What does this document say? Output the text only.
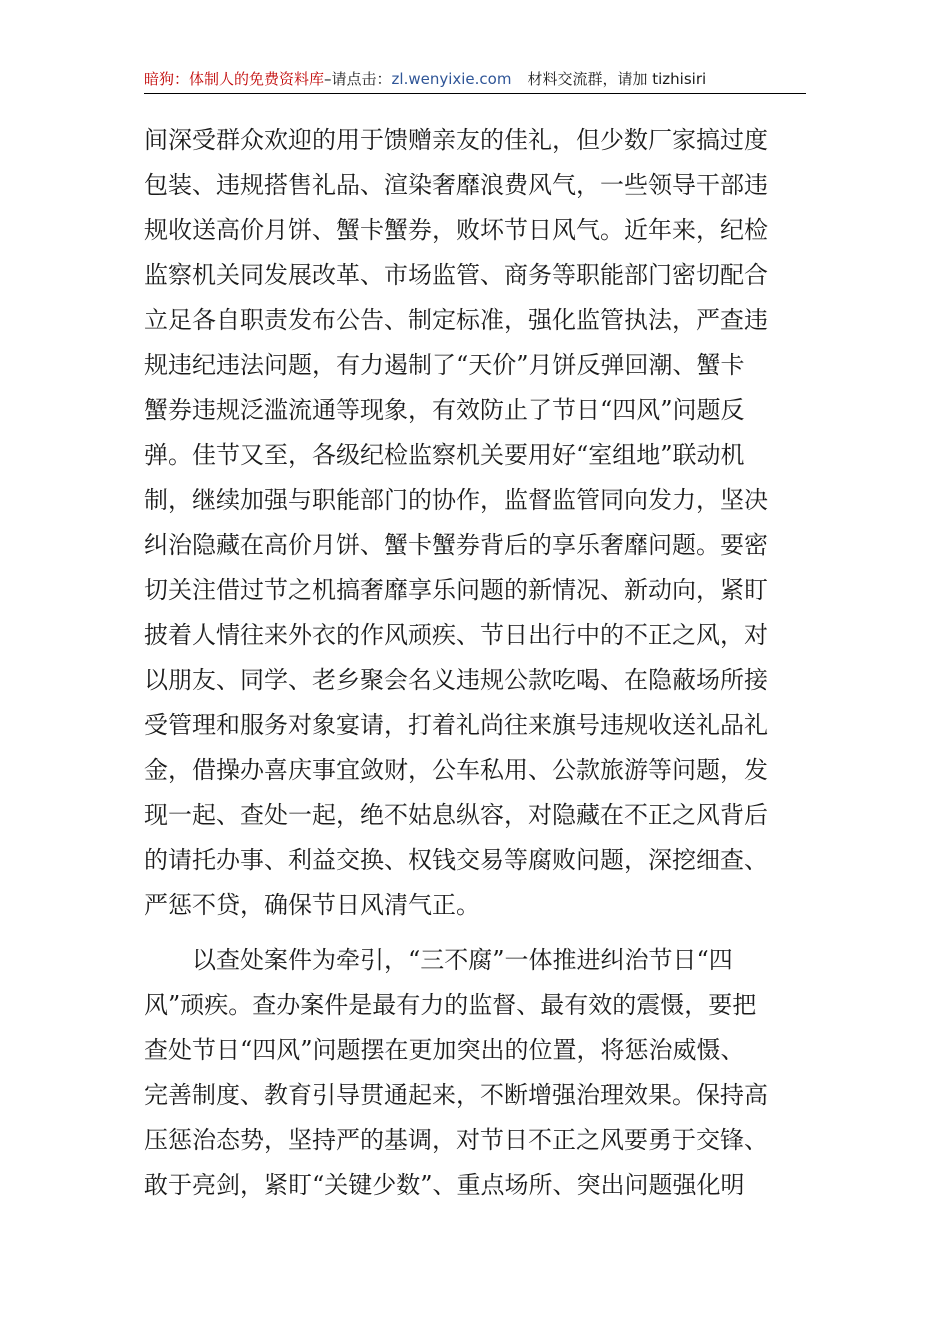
暗狗：体制人的免费资料库–请点击：zl.wenyixie.com 材料交流群，请加 tizhisiri
间深受群众欢迎的用于馈赠亲友的佳礼，但少数厂家搞过度
包装、违规搭售礼品、渲染奢靡浪费风气，一些领导干部违
规收送高价月饼、蟹卡蟹券，败坏节日风气。近年来，纪检
监察机关同发展改革、市场监管、商务等职能部门密切配合
立足各自职责发布公告、制定标准，强化监管执法，严查违
规违纪违法问题，有力遏制了“天价”月饼反弹回潮、蟹卡
蟹券违规泛滥流通等现象，有效防止了节日“四风”问题反
弹。佳节又至，各级纪检监察机关要用好“室组地”联动机
制，继续加强与职能部门的协作，监督监管同向发力，坚决
纠治隐藏在高价月饼、蟹卡蟹券背后的享乐奢靡问题。要密
切关注借过节之机搞奢靡享乐问题的新情况、新动向，紧盯
披着人情往来外衣的作风顽疾、节日出行中的不正之风，对
以朋友、同学、老乡聚会名义违规公款吃喝、在隐蔽场所接
受管理和服务对象宴请，打着礼尚往来旗号违规收送礼品礼
金，借操办喜庆事宜敛财，公车私用、公款旅游等问题，发
现一起、查处一起，绝不姑息纵容，对隐藏在不正之风背后
的请托办事、利益交换、权钱交易等腐败问题，深挖细查、
严惩不贷，确保节日风清气正。
　　以查处案件为牵引，“三不腐”一体推进纠治节日“四
风”顽疾。查办案件是最有力的监督、最有效的震慑，要把
查处节日“四风”问题摆在更加突出的位置，将惩治威慑、
完善制度、教育引导贯通起来，不断增强治理效果。保持高
压惩治态势，坚持严的基调，对节日不正之风要勇于交锋、
敢于亮剑，紧盯“关键少数”、重点场所、突出问题强化明
